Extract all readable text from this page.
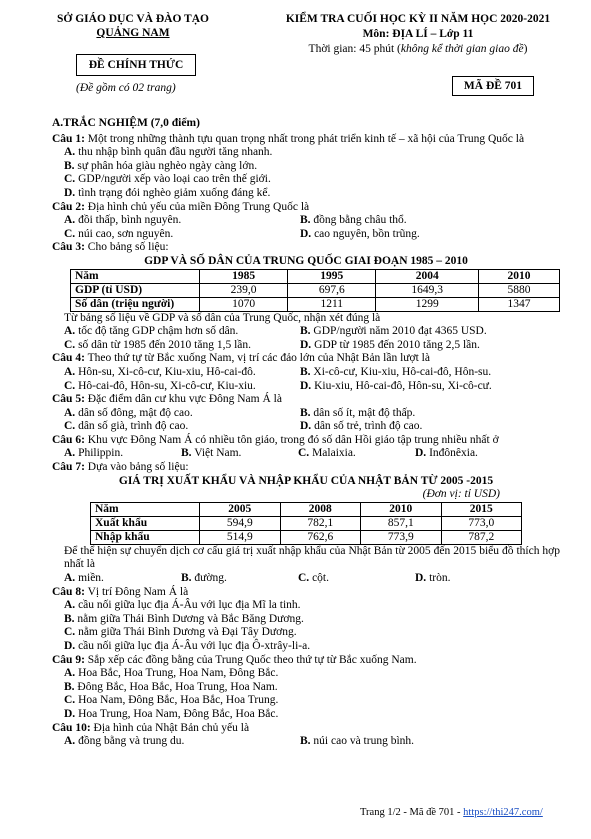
SỞ GIÁO DỤC VÀ ĐÀO TẠO
QUẢNG NAM
KIỂM TRA CUỐI HỌC KỲ II NĂM HỌC 2020-2021
Môn: ĐỊA LÍ – Lớp 11
Thời gian: 45 phút (không kể thời gian giao đề)
ĐỀ CHÍNH THỨC
(Đề gồm có 02 trang)	MÃ ĐỀ 701
A.TRẮC NGHIỆM (7,0 điểm)
Câu 1: Một trong những thành tựu quan trọng nhất trong phát triển kinh tế – xã hội của Trung Quốc là
A. thu nhập bình quân đầu người tăng nhanh.
B. sự phân hóa giàu nghèo ngày càng lớn.
C. GDP/người xếp vào loại cao trên thế giới.
D. tình trạng đói nghèo giảm xuống đáng kể.
Câu 2: Địa hình chủ yếu của miền Đông Trung Quốc là
A. đồi thấp, bình nguyên.	B. đồng bằng châu thổ.
C. núi cao, sơn nguyên.	D. cao nguyên, bồn trũng.
Câu 3: Cho bảng số liệu:
GDP VÀ SỐ DÂN CỦA TRUNG QUỐC GIAI ĐOẠN 1985 – 2010
Năm	1985	1995	2004	2010
GDP (tỉ USD)	239,0	697,6	1649,3	5880
Số dân (triệu người)	1070	1211	1299	1347
Từ bảng số liệu về GDP và số dân của Trung Quốc, nhận xét đúng là
A. tốc độ tăng GDP chậm hơn số dân.	B. GDP/người năm 2010 đạt 4365 USD.
C. số dân từ 1985 đến 2010 tăng 1,5 lần.	D. GDP từ 1985 đến 2010 tăng 2,5 lần.
Câu 4: Theo thứ tự từ Bắc xuống Nam, vị trí các đảo lớn của Nhật Bản lần lượt là
A. Hôn-su, Xi-cô-cư, Kiu-xiu, Hô-cai-đô.	B. Xi-cô-cư, Kiu-xiu, Hô-cai-đô, Hôn-su.
C. Hô-cai-đô, Hôn-su, Xi-cô-cư, Kiu-xiu.	D. Kiu-xiu, Hô-cai-đô, Hôn-su, Xi-cô-cư.
Câu 5: Đặc điểm dân cư khu vực Đông Nam Á là
A. dân số đông, mật độ cao.	B. dân số ít, mật độ thấp.
C. dân số già, trình độ cao.	D. dân số trẻ, trình độ cao.
Câu 6: Khu vực Đông Nam Á có nhiều tôn giáo, trong đó số dân Hồi giáo tập trung nhiều nhất ở
A. Philippin.	B. Việt Nam.	C. Malaixia.	D. Inđônêxia.
Câu 7: Dựa vào bảng số liệu:
GIÁ TRỊ XUẤT KHẨU VÀ NHẬP KHẨU CỦA NHẬT BẢN TỪ 2005 -2015
(Đơn vị: tỉ USD)
Năm	2005	2008	2010	2015
Xuất khẩu	594,9	782,1	857,1	773,0
Nhập khẩu	514,9	762,6	773,9	787,2
Để thể hiện sự chuyển dịch cơ cấu giá trị xuất nhập khẩu của Nhật Bản từ 2005 đến 2015 biểu đồ thích hợp nhất là
A. miền.	B. đường.	C. cột.	D. tròn.
Câu 8: Vị trí Đông Nam Á là
A. cầu nối giữa lục địa Á-Âu với lục địa Mĩ la tinh.
B. nằm giữa Thái Bình Dương và Bắc Băng Dương.
C. nằm giữa Thái Bình Dương và Đại Tây Dương.
D. cầu nối giữa lục địa Á-Âu với lục địa Ô-xtrây-li-a.
Câu 9: Sắp xếp các đồng bằng của Trung Quốc theo thứ tự từ Bắc xuống Nam.
A. Hoa Bắc, Hoa Trung, Hoa Nam, Đông Bắc.
B. Đông Bắc, Hoa Bắc, Hoa Trung, Hoa Nam.
C. Hoa Nam, Đông Bắc, Hoa Bắc, Hoa Trung.
D. Hoa Trung, Hoa Nam, Đông Bắc, Hoa Bắc.
Câu 10: Địa hình của Nhật Bản chủ yếu là
A. đồng bằng và trung du.	B. núi cao và trung bình.
Trang 1/2 - Mã đề 701 - https://thi247.com/
